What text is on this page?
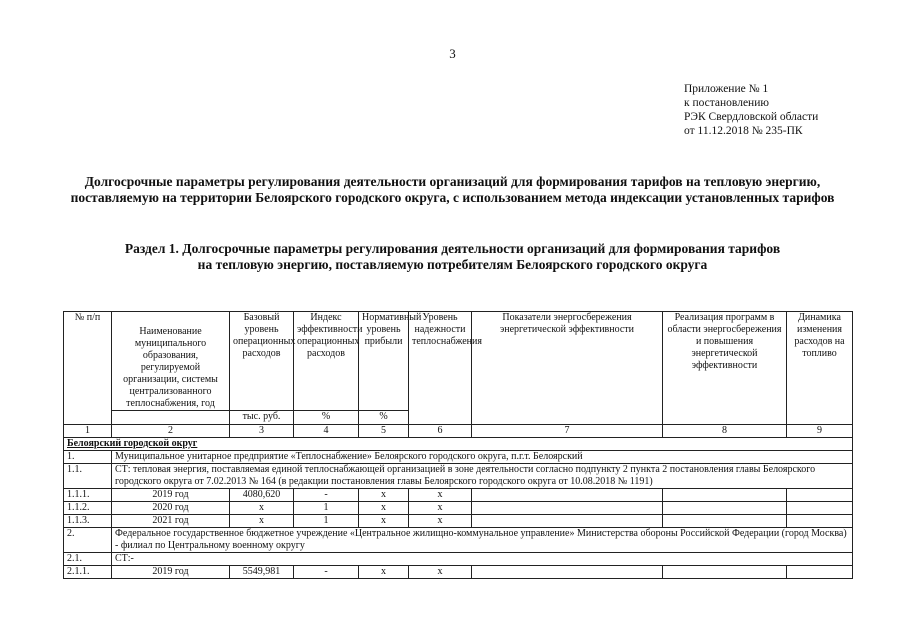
3
Приложение № 1
к постановлению
РЭК Свердловской области
от 11.12.2018 № 235-ПК
Долгосрочные параметры регулирования деятельности организаций для формирования тарифов на тепловую энергию, поставляемую на территории Белоярского городского округа, с использованием метода индексации установленных тарифов
Раздел 1. Долгосрочные параметры регулирования деятельности организаций для формирования тарифов
на тепловую энергию, поставляемую потребителям Белоярского городского округа
№ п/п	Наименование муниципального образования, регулируемой организации, системы централизованного теплоснабжения, год	Базовый уровень операционных расходов	Индекс эффективности операционных расходов	Нормативный уровень прибыли	Уровень надежности теплоснабжения	Показатели энергосбережения энергетической эффективности	Реализация программ в области энергосбережения и повышения энергетической эффективности	Динамика изменения расходов на топливо
		тыс. руб.	%	%				
1	2	3	4	5	6	7	8	9
Белоярский городской округ								
1.	Муниципальное унитарное предприятие «Теплоснабжение» Белоярского городского округа, п.г.т. Белоярский							
1.1.	СТ: тепловая энергия, поставляемая единой теплоснабжающей организацией в зоне деятельности согласно подпункту 2 пункта 2 постановления главы Белоярского городского округа от 7.02.2013 № 164 (в редакции постановления главы Белоярского городского округа от 10.08.2018 № 1191)							
1.1.1.	2019 год	4080,620	-	х	х			
1.1.2.	2020 год	х	1	х	х			
1.1.3.	2021 год	х	1	х	х			
2.	Федеральное государственное бюджетное учреждение «Центральное жилищно-коммунальное управление» Министерства обороны Российской Федерации (город Москва) - филиал по Центральному военному округу							
2.1.	СТ:-							
2.1.1.	2019 год	5549,981	-	х	х			
